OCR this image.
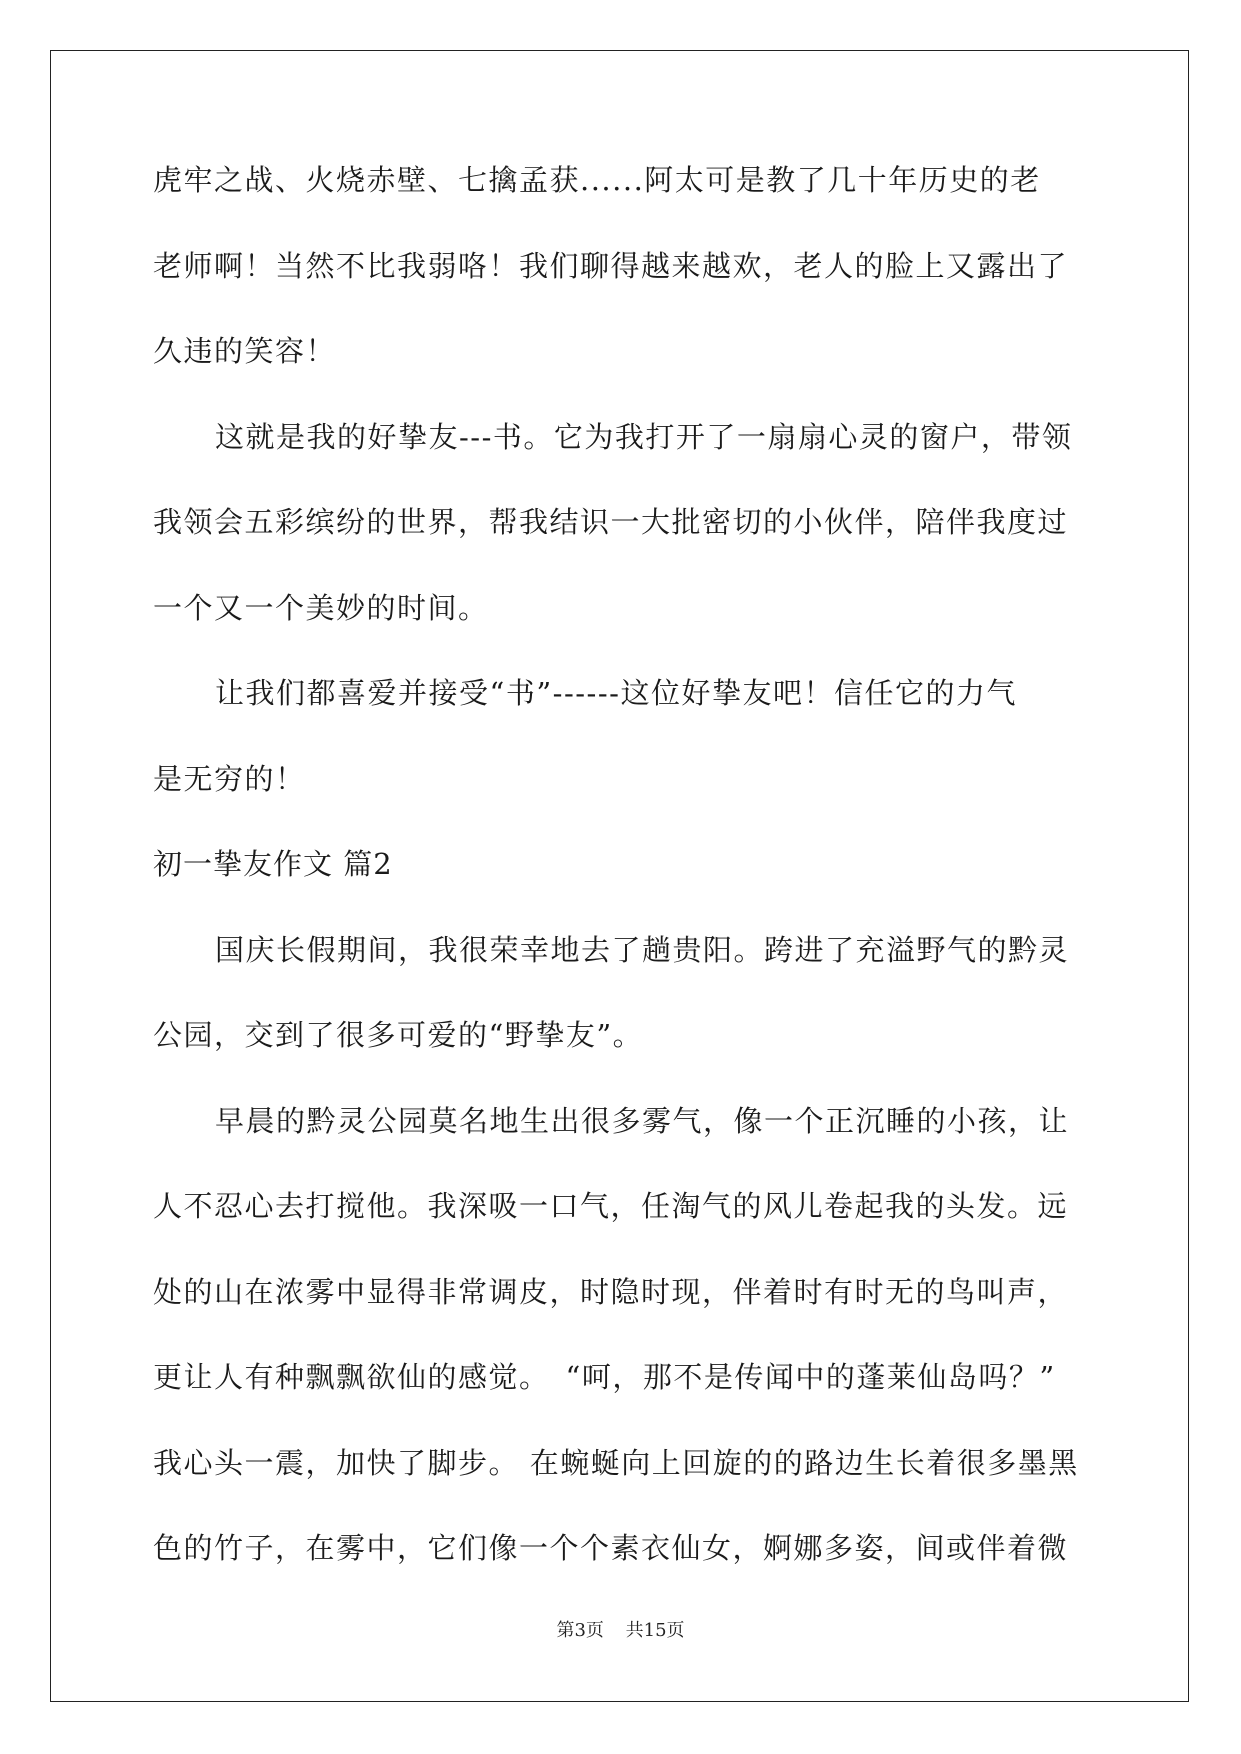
虎牢之战、火烧赤壁、七擒孟获......阿太可是教了几十年历史的老
老师啊！当然不比我弱咯！我们聊得越来越欢，老人的脸上又露出了
久违的笑容！
这就是我的好挚友---书。它为我打开了一扇扇心灵的窗户，带领
我领会五彩缤纷的世界，帮我结识一大批密切的小伙伴，陪伴我度过
一个又一个美妙的时间。
让我们都喜爱并接受“书”------这位好挚友吧！信任它的力气
是无穷的！
初一挚友作文 篇2
国庆长假期间，我很荣幸地去了趟贵阳。跨进了充溢野气的黔灵
公园，交到了很多可爱的“野挚友”。
早晨的黔灵公园莫名地生出很多雾气，像一个正沉睡的小孩，让
人不忍心去打搅他。我深吸一口气，任淘气的风儿卷起我的头发。远
处的山在浓雾中显得非常调皮，时隐时现，伴着时有时无的鸟叫声，
更让人有种飘飘欲仙的感觉。　“呵，那不是传闻中的蓬莱仙岛吗？”
我心头一震，加快了脚步。 在蜿蜒向上回旋的的路边生长着很多墨黑
色的竹子，在雾中，它们像一个个素衣仙女，婀娜多姿，间或伴着微
第3页 共15页
